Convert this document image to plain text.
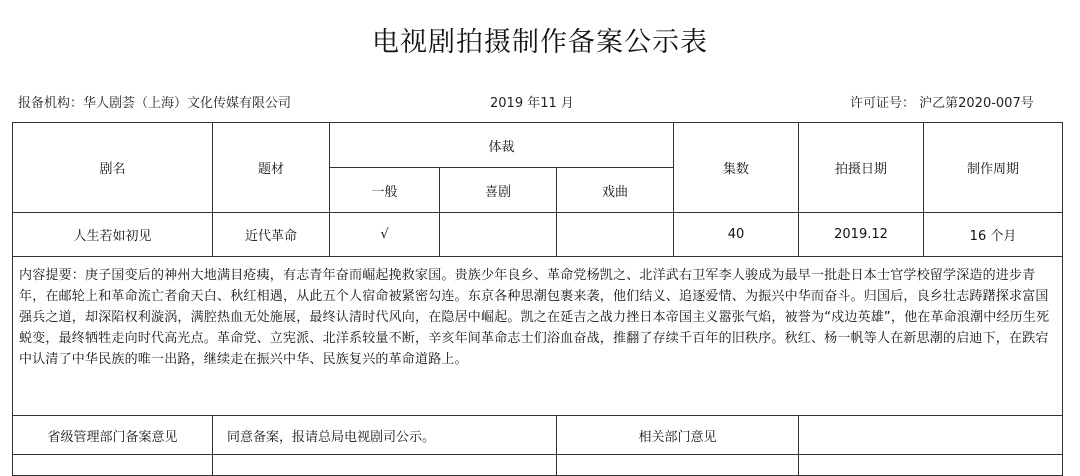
电视剧拍摄制作备案公示表
报备机构：华人剧荟（上海）文化传媒有限公司	2019 年11 月	许可证号： 沪乙第2020-007号
剧名	题材	体裁			集数	拍摄日期	制作周期
		一般	喜剧	戏曲			
人生若如初见	近代革命	√			40	2019.12	16 个月
内容提要：庚子国变后的神州大地满目疮痍，有志青年奋而崛起挽救家国。贵族少年良乡、革命党杨凯之、北洋武右卫军李人骏成为最早一批赴日本士官学校留学深造的进步青年，在邮轮上和革命流亡者俞天白、秋红相遇，从此五个人宿命被紧密勾连。东京各种思潮包裹来袭，他们结义、追逐爱情、为振兴中华而奋斗。归国后，良乡壮志踌躇探求富国强兵之道，却深陷权利漩涡，满腔热血无处施展，最终认清时代风向，在隐居中崛起。凯之在延吉之战力挫日本帝国主义嚣张气焰，被誉为“戍边英雄”，他在革命浪潮中经历生死蜕变，最终牺牲走向时代高光点。革命党、立宪派、北洋系较量不断，辛亥年间革命志士们浴血奋战，推翻了存续千百年的旧秩序。秋红、杨一帆等人在新思潮的启迪下，在跌宕中认清了中华民族的唯一出路，继续走在振兴中华、民族复兴的革命道路上。							
省级管理部门备案意见	同意备案，报请总局电视剧司公示。			相关部门意见			
